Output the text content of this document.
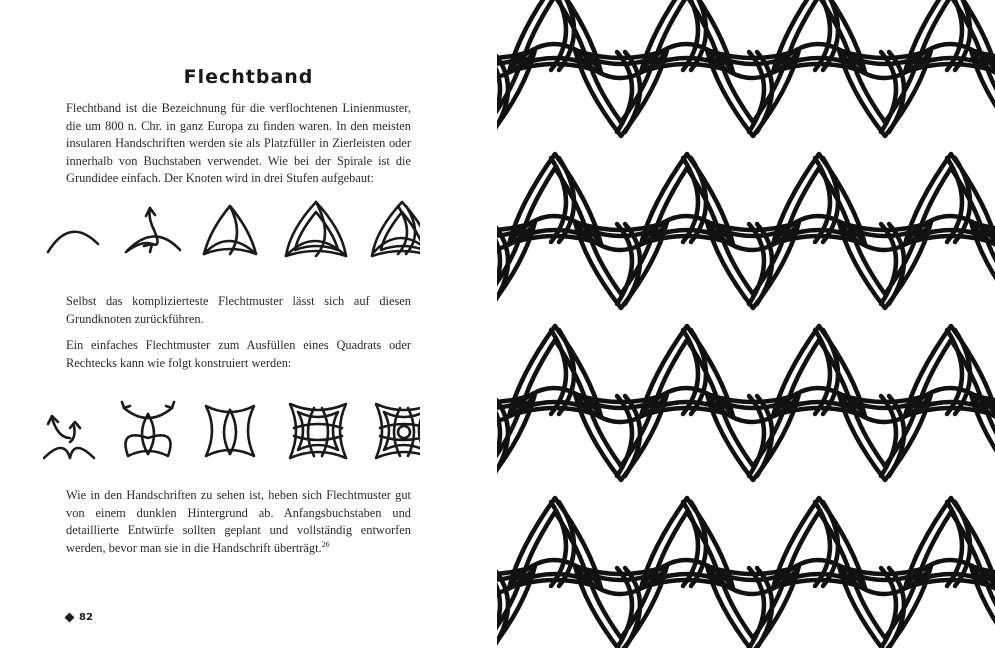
Flechtband

Flechtband ist die Bezeichnung für die verflochtenen Linienmuster, die um 800 n. Chr. in ganz Europa zu finden waren. In den meisten insularen Handschriften werden sie als Platzfüller in Zierleisten oder innerhalb von Buchstaben verwendet. Wie bei der Spirale ist die Grundidee einfach. Der Knoten wird in drei Stufen aufgebaut:

Selbst das komplizierteste Flechtmuster lässt sich auf diesen Grundknoten zurückführen.

Ein einfaches Flechtmuster zum Ausfüllen eines Quadrats oder Rechtecks kann wie folgt konstruiert werden:

Wie in den Handschriften zu sehen ist, heben sich Flechtmuster gut von einem dunklen Hintergrund ab. Anfangsbuchstaben und detaillierte Entwürfe sollten geplant und vollständig entworfen werden, bevor man sie in die Handschrift überträgt.$^{26}$

82
